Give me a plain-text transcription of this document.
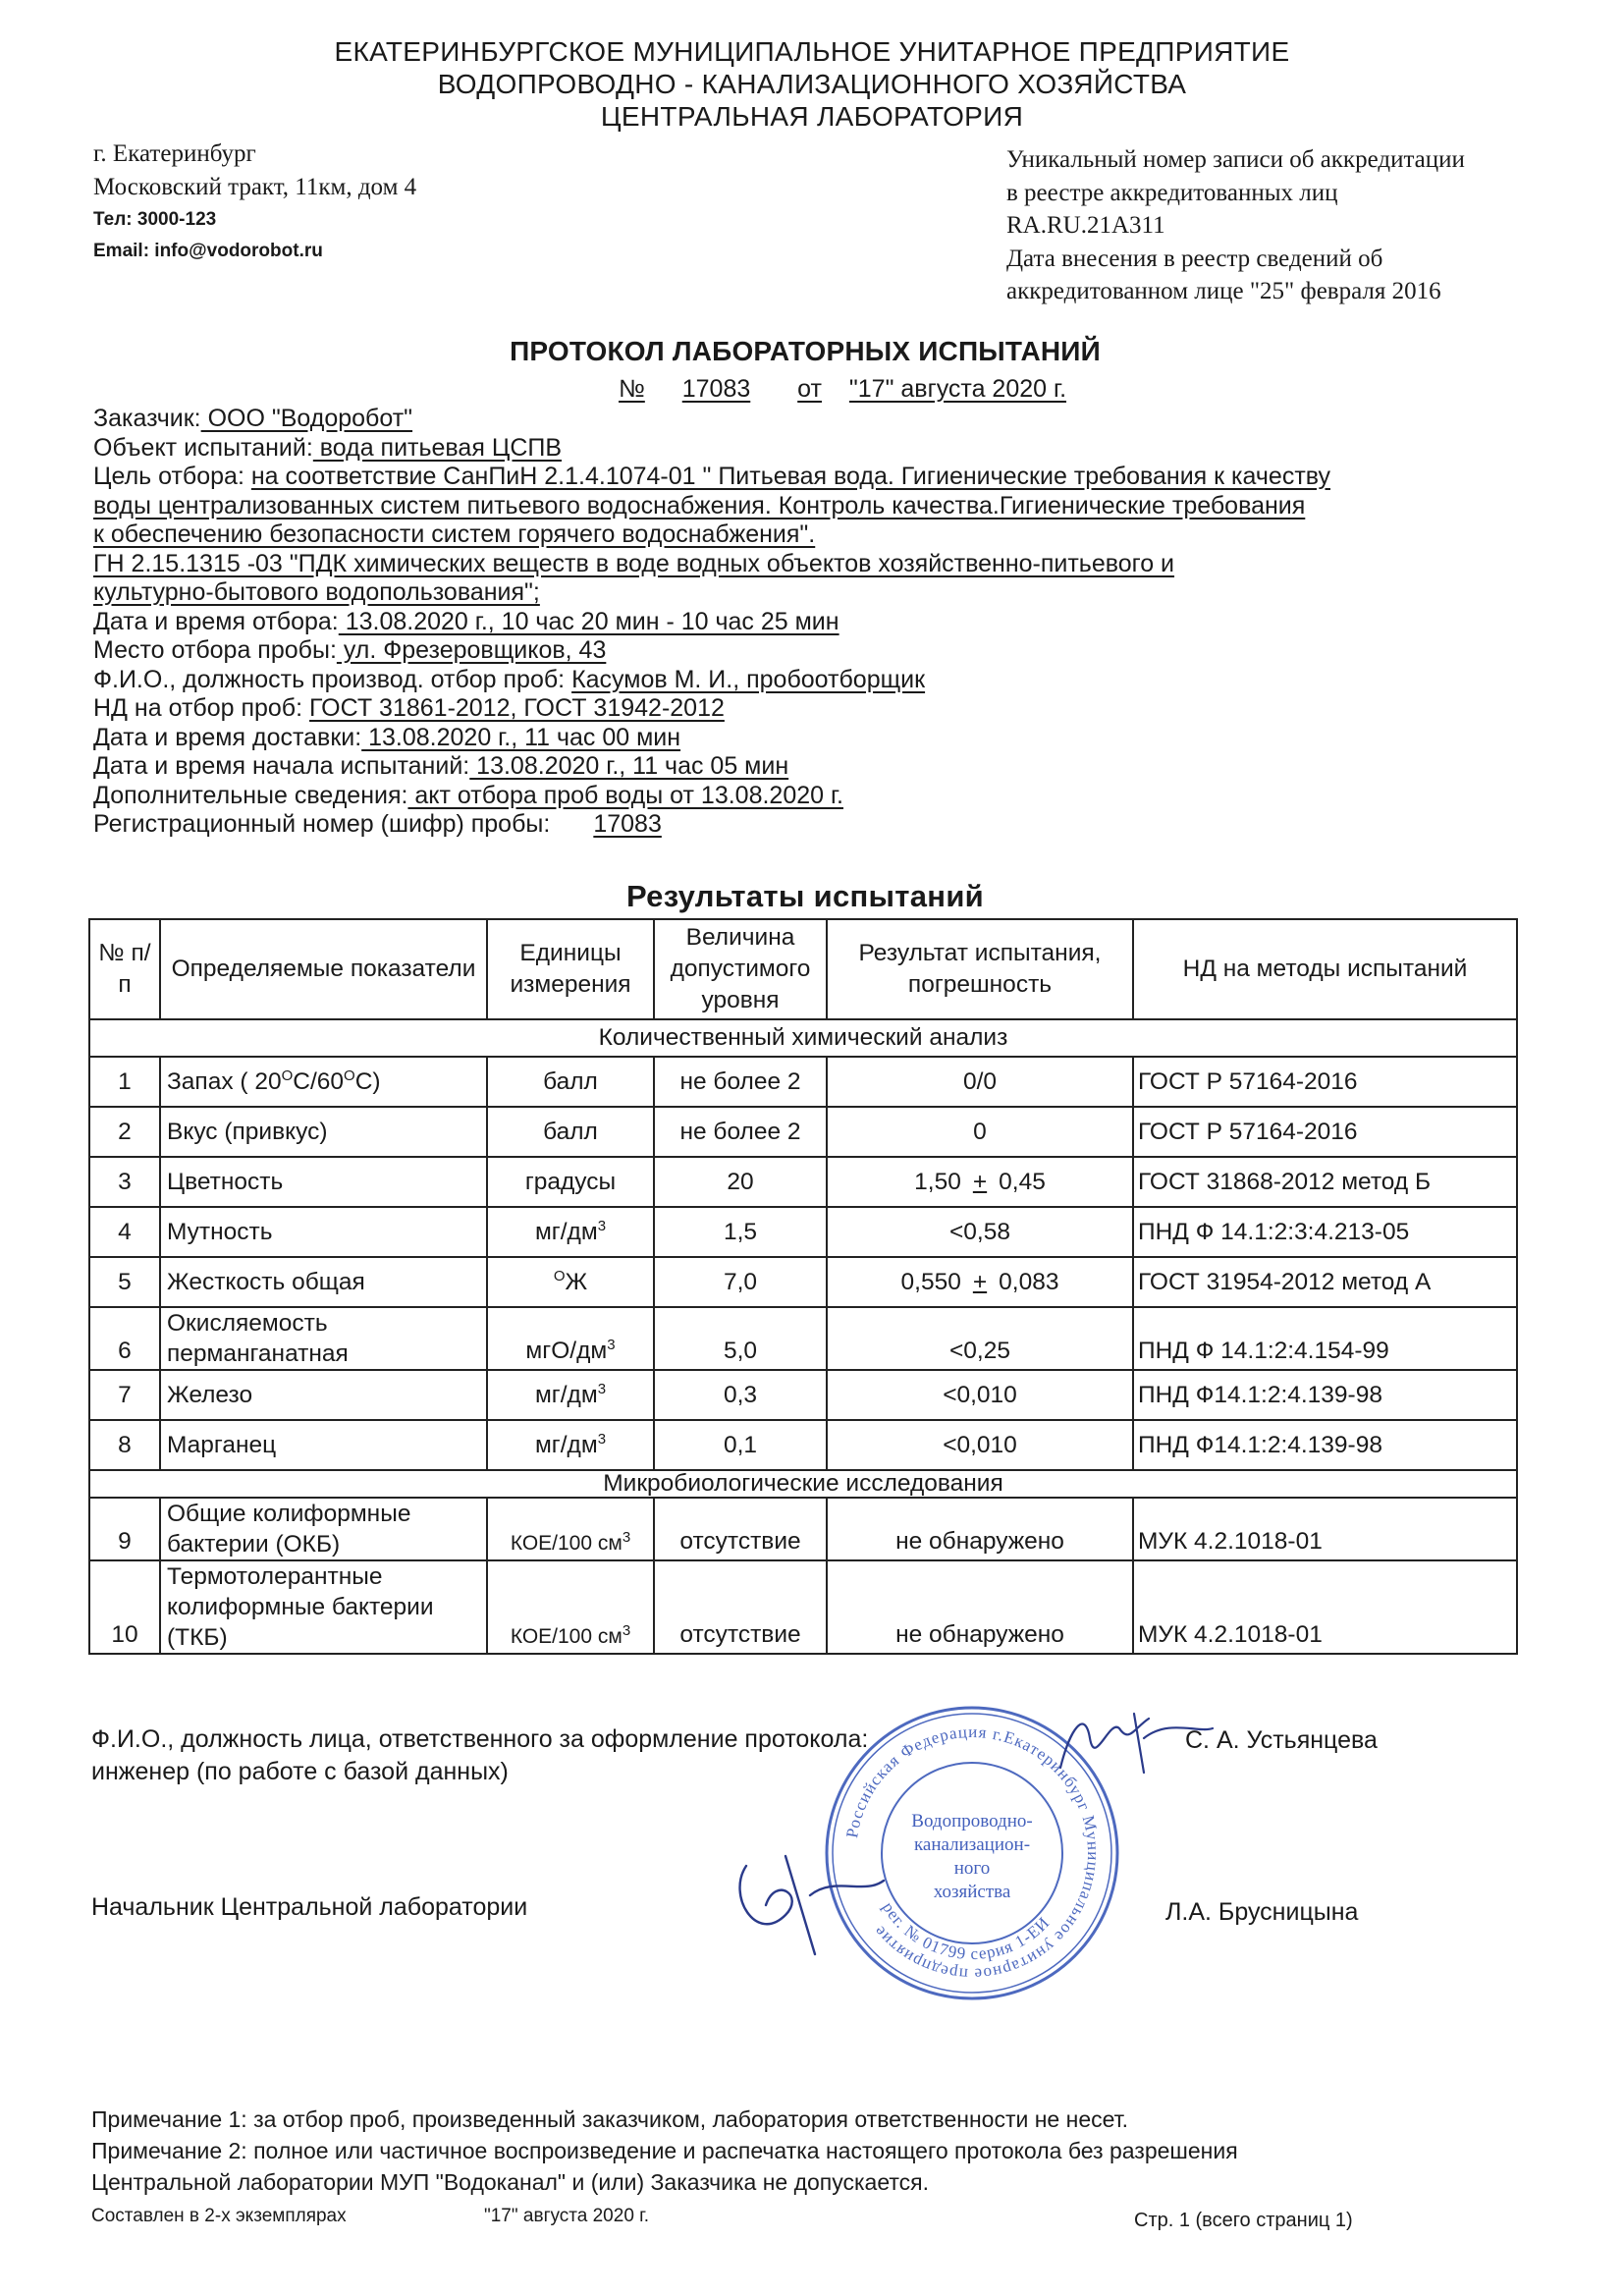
ЕКАТЕРИНБУРГСКОЕ МУНИЦИПАЛЬНОЕ УНИТАРНОЕ ПРЕДПРИЯТИЕ
ВОДОПРОВОДНО - КАНАЛИЗАЦИОННОГО ХОЗЯЙСТВА
ЦЕНТРАЛЬНАЯ ЛАБОРАТОРИЯ
г. Екатеринбург
Московский тракт, 11км, дом 4
Тел: 3000-123
Email: info@vodorobot.ru
Уникальный номер записи об аккредитации
в реестре аккредитованных лиц
RA.RU.21A311
Дата внесения в реестр сведений об
аккредитованном лице "25" февраля 2016
ПРОТОКОЛ ЛАБОРАТОРНЫХ ИСПЫТАНИЙ
№ 17083 от "17" августа 2020 г.
Заказчик: ООО "Водоробот"
Объект испытаний: вода питьевая ЦСПВ
Цель отбора: на соответствие СанПиН 2.1.4.1074-01 " Питьевая вода. Гигиенические требования к качеству
воды централизованных систем питьевого водоснабжения. Контроль качества.Гигиенические требования
к обеспечению безопасности систем горячего водоснабжения".
ГН 2.15.1315 -03 "ПДК химических веществ в воде водных объектов хозяйственно-питьевого и
культурно-бытового водопользования";
Дата и время отбора: 13.08.2020 г., 10 час 20 мин - 10 час 25 мин
Место отбора пробы: ул. Фрезеровщиков, 43
Ф.И.О., должность производ. отбор проб: Касумов М. И., пробоотборщик
НД на отбор проб: ГОСТ 31861-2012, ГОСТ 31942-2012
Дата и время доставки: 13.08.2020 г., 11 час 00 мин
Дата и время начала испытаний: 13.08.2020 г., 11 час 05 мин
Дополнительные сведения: акт отбора проб воды от 13.08.2020 г.
Регистрационный номер (шифр) пробы: 17083
Результаты испытаний
№ п/п	Определяемые показатели	Единицы измерения	Величина допустимого уровня	Результат испытания, погрешность	НД на методы испытаний
Количественный химический анализ					
1	Запах ( $20^ОС/60^ОС$)	балл	не более 2	0/0	ГОСТ Р 57164-2016
2	Вкус (привкус)	балл	не более 2	0	ГОСТ Р 57164-2016
3	Цветность	градусы	20	1,50 + 0,45	ГОСТ 31868-2012 метод Б
4	Мутность	$мг/дм^3$	1,5	<0,58	ПНД Ф 14.1:2:3:4.213-05
5	Жесткость общая	$^О$Ж	7,0	0,550 + 0,083	ГОСТ 31954-2012 метод А
6	Окисляемость
перманганатная	мгО/$дм^3$	5,0	<0,25	ПНД Ф 14.1:2:4.154-99
7	Железо	$мг/дм^3$	0,3	<0,010	ПНД Ф14.1:2:4.139-98
8	Марганец	$мг/дм^3$	0,1	<0,010	ПНД Ф14.1:2:4.139-98
Микробиологические исследования					
9	Общие колиформные
бактерии (ОКБ)	КОЕ/100 $см^3$	отсутствие	не обнаружено	МУК 4.2.1018-01
10	Термотолерантные
колиформные бактерии
(ТКБ)	КОЕ/100 $см^3$	отсутствие	не обнаружено	МУК 4.2.1018-01
Ф.И.О., должность лица, ответственного за оформление протокола:
инженер (по работе с базой данных)
С. А. Устьянцева
Начальник Центральной лаборатории	Л.А. Брусницына
Российская Федерация г.Екатеринбург Муниципальное унитарное предприятие
рег. № 01799 серия 1-ЕИ
Водопроводно-
канализацион-
ного
хозяйства
Примечание 1: за отбор проб, произведенный заказчиком, лаборатория ответственности не несет.
Примечание 2: полное или частичное воспроизведение и распечатка настоящего протокола без разрешения
Центральной лаборатории МУП "Водоканал" и (или) Заказчика не допускается.
Составлен в 2-х экземплярах	"17" августа 2020 г.	Стр. 1 (всего страниц 1)
